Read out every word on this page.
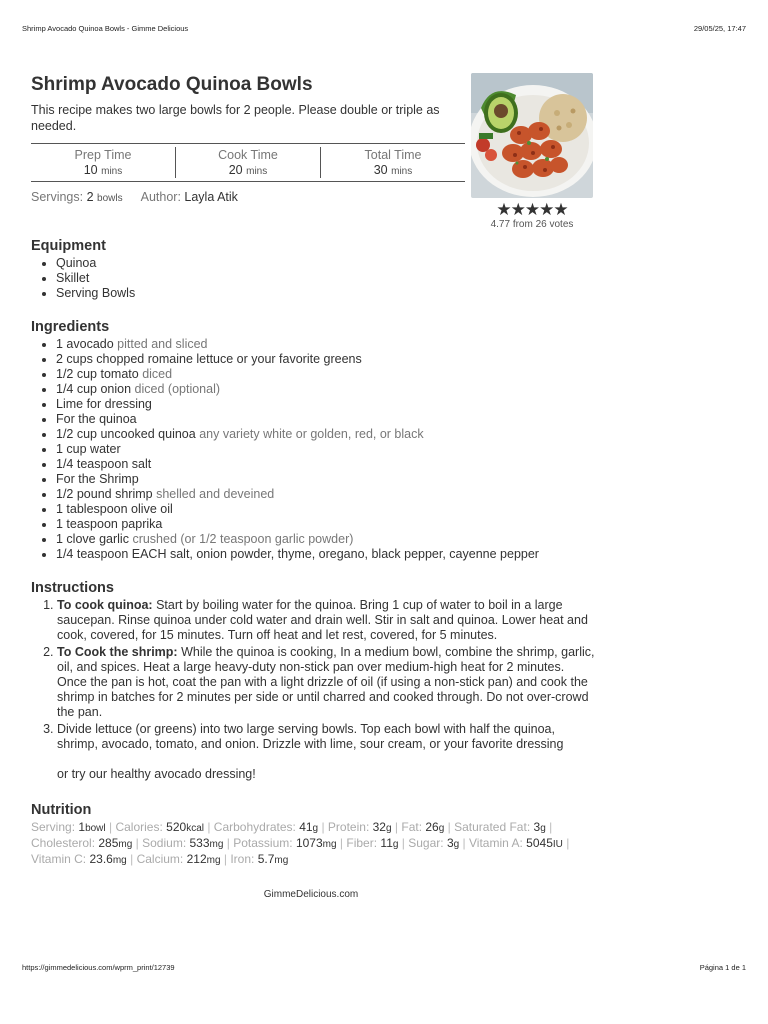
Shrimp Avocado Quinoa Bowls - Gimme Delicious	29/05/25, 17:47
Shrimp Avocado Quinoa Bowls
This recipe makes two large bowls for 2 people. Please double or triple as needed.
Prep Time
10 mins
Cook Time
20 mins
Total Time
30 mins
Servings: 2 bowls Author: Layla Atik
★★★★★
4.77 from 26 votes
Equipment
• Quinoa
• Skillet
• Serving Bowls
Ingredients
• 1 avocado pitted and sliced
• 2 cups chopped romaine lettuce or your favorite greens
• 1/2 cup tomato diced
• 1/4 cup onion diced (optional)
• Lime for dressing
• For the quinoa
• 1/2 cup uncooked quinoa any variety white or golden, red, or black
• 1 cup water
• 1/4 teaspoon salt
• For the Shrimp
• 1/2 pound shrimp shelled and deveined
• 1 tablespoon olive oil
• 1 teaspoon paprika
• 1 clove garlic crushed (or 1/2 teaspoon garlic powder)
• 1/4 teaspoon EACH salt, onion powder, thyme, oregano, black pepper, cayenne pepper
Instructions
1. To cook quinoa: Start by boiling water for the quinoa. Bring 1 cup of water to boil in a large saucepan. Rinse quinoa under cold water and drain well. Stir in salt and quinoa. Lower heat and cook, covered, for 15 minutes. Turn off heat and let rest, covered, for 5 minutes.
2. To Cook the shrimp: While the quinoa is cooking, In a medium bowl, combine the shrimp, garlic, oil, and spices. Heat a large heavy-duty non-stick pan over medium-high heat for 2 minutes. Once the pan is hot, coat the pan with a light drizzle of oil (if using a non-stick pan) and cook the shrimp in batches for 2 minutes per side or until charred and cooked through. Do not over-crowd the pan.
3. Divide lettuce (or greens) into two large serving bowls. Top each bowl with half the quinoa, shrimp, avocado, tomato, and onion. Drizzle with lime, sour cream, or your favorite dressing

or try our healthy avocado dressing!
Nutrition
Serving: 1bowl | Calories: 520kcal | Carbohydrates: 41g | Protein: 32g | Fat: 26g | Saturated Fat: 3g | Cholesterol: 285mg | Sodium: 533mg | Potassium: 1073mg | Fiber: 11g | Sugar: 3g | Vitamin A: 5045IU | Vitamin C: 23.6mg | Calcium: 212mg | Iron: 5.7mg
GimmeDelicious.com
https://gimmedelicious.com/wprm_print/12739	Página 1 de 1
